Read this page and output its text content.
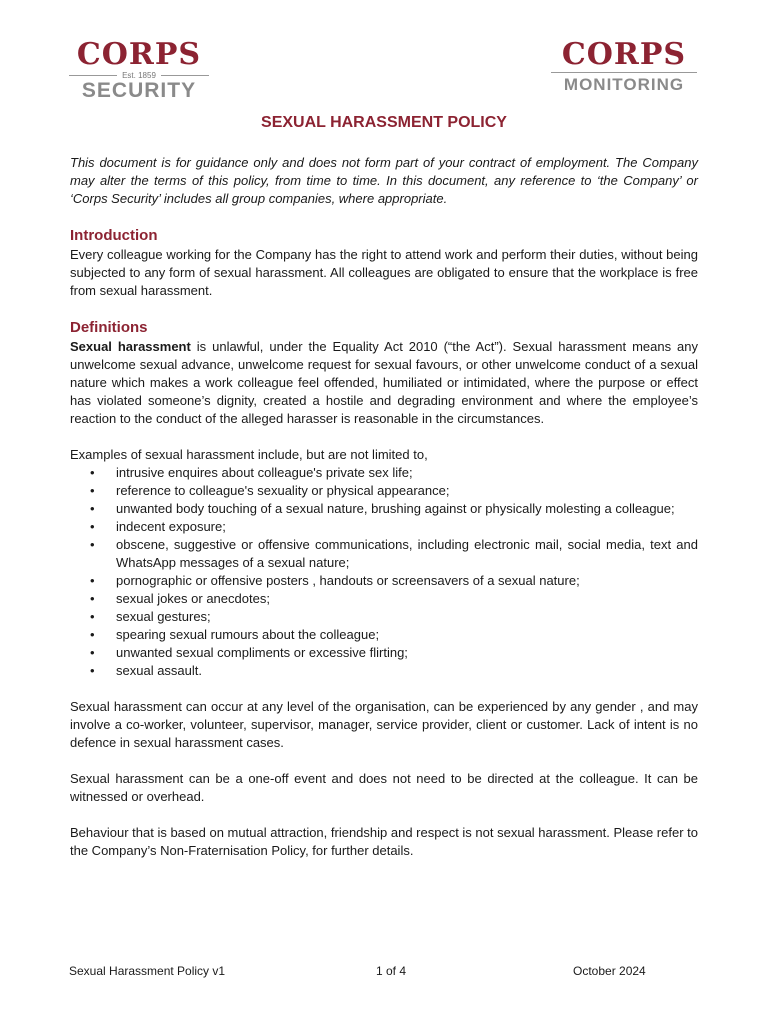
CORPS
Est. 1859
SECURITY
CORPS
MONITORING
SEXUAL HARASSMENT POLICY

This document is for guidance only and does not form part of your contract of employment. The Company may alter the terms of this policy, from time to time. In this document, any reference to ‘the Company’ or ‘Corps Security’ includes all group companies, where appropriate.

Introduction

Every colleague working for the Company has the right to attend work and perform their duties, without being subjected to any form of sexual harassment. All colleagues are obligated to ensure that the workplace is free from sexual harassment.

Definitions

Sexual harassment is unlawful, under the Equality Act 2010 (“the Act”). Sexual harassment means any unwelcome sexual advance, unwelcome request for sexual favours, or other unwelcome conduct of a sexual nature which makes a work colleague feel offended, humiliated or intimidated, where the purpose or effect has violated someone’s dignity, created a hostile and degrading environment and where the employee’s reaction to the conduct of the alleged harasser is reasonable in the circumstances.

Examples of sexual harassment include, but are not limited to,

• intrusive enquires about colleague's private sex life;
• reference to colleague's sexuality or physical appearance;
• unwanted body touching of a sexual nature, brushing against or physically molesting a colleague;
• indecent exposure;
• obscene, suggestive or offensive communications, including electronic mail, social media, text and WhatsApp messages of a sexual nature;
• pornographic or offensive posters , handouts or screensavers of a sexual nature;
• sexual jokes or anecdotes;
• sexual gestures;
• spearing sexual rumours about the colleague;
• unwanted sexual compliments or excessive flirting;
• sexual assault.

Sexual harassment can occur at any level of the organisation, can be experienced by any gender , and may involve a co-worker, volunteer, supervisor, manager, service provider, client or customer. Lack of intent is no defence in sexual harassment cases.

Sexual harassment can be a one-off event and does not need to be directed at the colleague. It can be witnessed or overhead.

Behaviour that is based on mutual attraction, friendship and respect is not sexual harassment. Please refer to the Company’s Non-Fraternisation Policy, for further details.

Sexual Harassment Policy v1	1 of 4	October 2024
